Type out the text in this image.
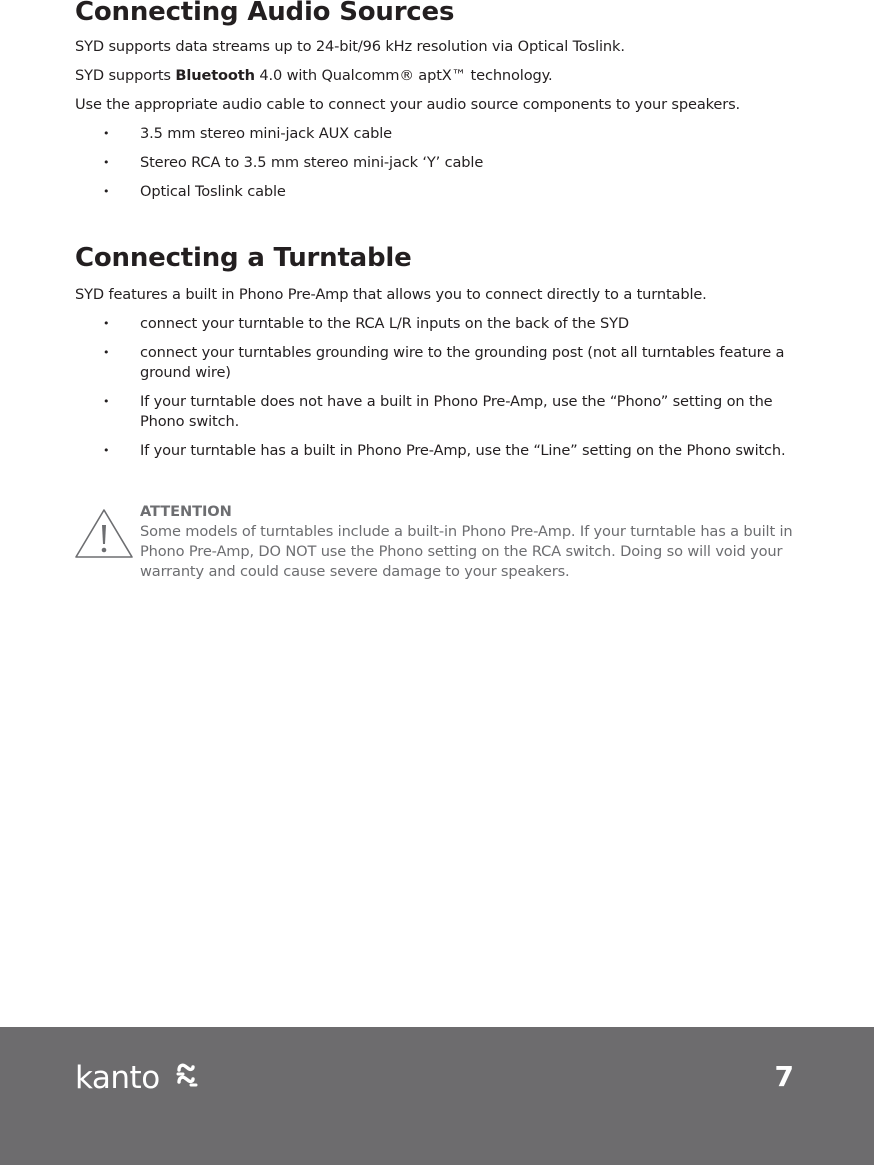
Connecting Audio Sources

SYD supports data streams up to 24-bit/96 kHz resolution via Optical Toslink.

SYD supports Bluetooth 4.0 with Qualcomm® aptX™ technology.

Use the appropriate audio cable to connect your audio source components to your speakers.

• 3.5 mm stereo mini-jack AUX cable
• Stereo RCA to 3.5 mm stereo mini-jack ‘Y’ cable
• Optical Toslink cable
Connecting a Turntable

SYD features a built in Phono Pre-Amp that allows you to connect directly to a turntable.

• connect your turntable to the RCA L/R inputs on the back of the SYD
• connect your turntables grounding wire to the grounding post (not all turntables feature a ground wire)
• If your turntable does not have a built in Phono Pre-Amp, use the “Phono” setting on the Phono switch.
• If your turntable has a built in Phono Pre-Amp, use the “Line” setting on the Phono switch.
ATTENTION
Some models of turntables include a built-in Phono Pre-Amp. If your turntable has a built in Phono Pre-Amp, DO NOT use the Phono setting on the RCA switch. Doing so will void your warranty and could cause severe damage to your speakers.
kanto	7
